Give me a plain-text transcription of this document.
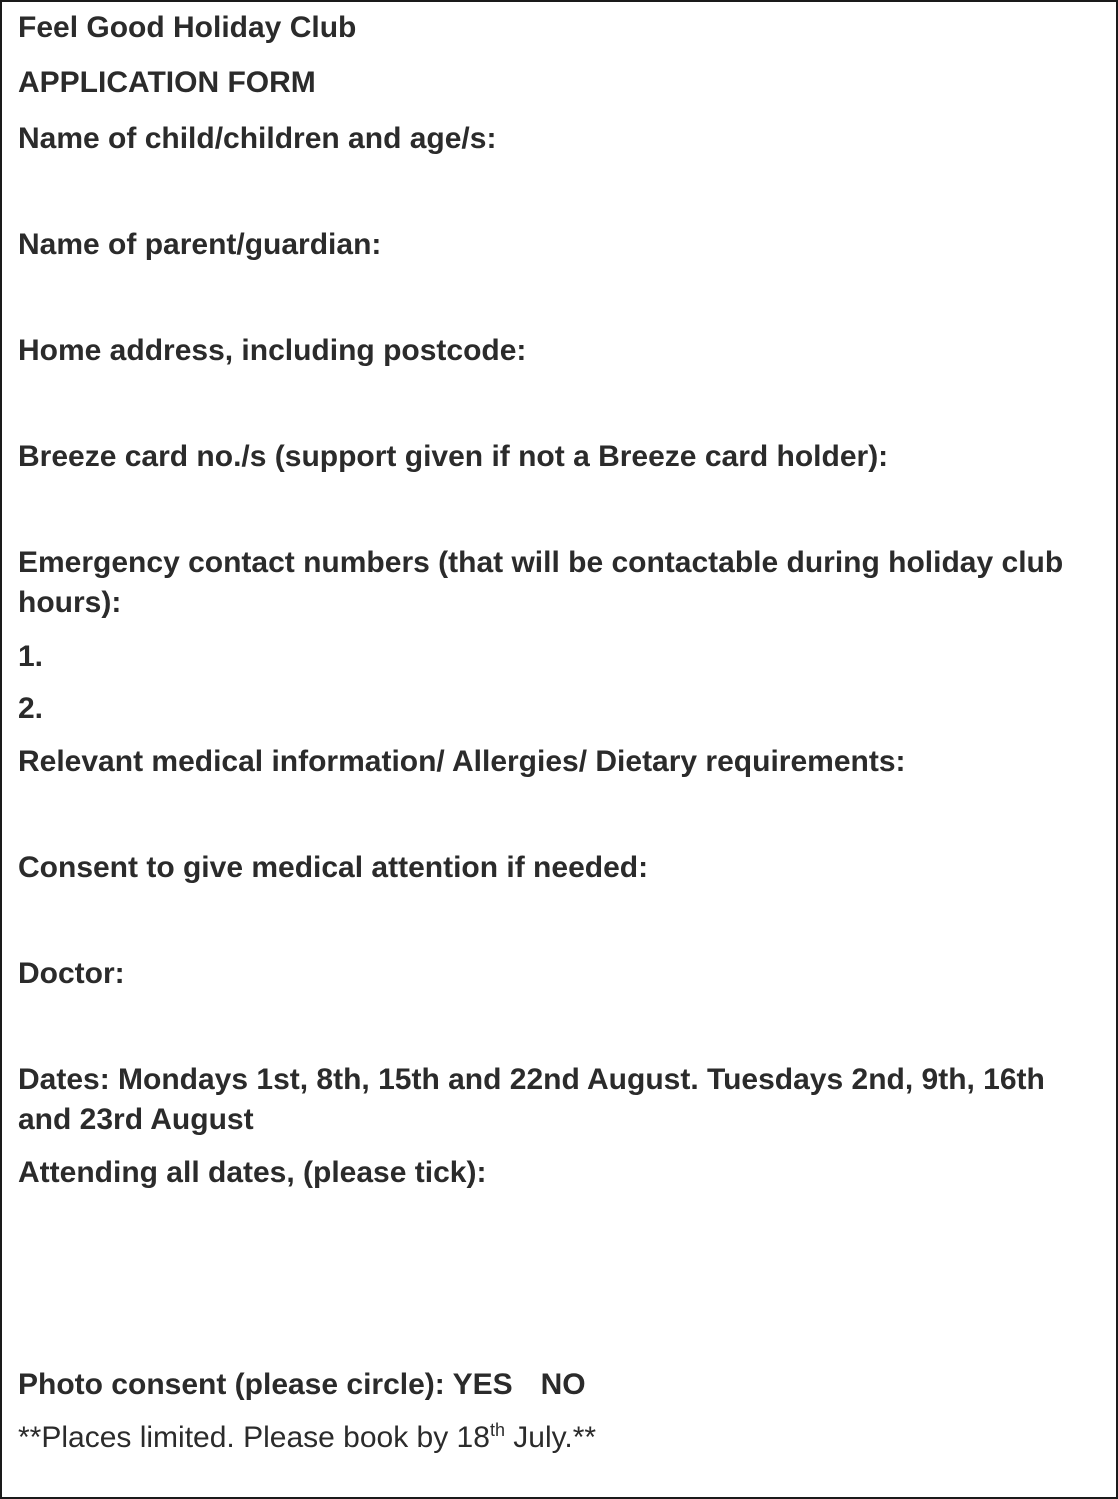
Feel Good Holiday Club
APPLICATION FORM
Name of child/children and age/s:
Name of parent/guardian:
Home address, including postcode:
Breeze card no./s (support given if not a Breeze card holder):
Emergency contact numbers (that will be contactable during holiday club hours):
1.
2.
Relevant medical information/ Allergies/ Dietary requirements:
Consent to give medical attention if needed:
Doctor:
Dates: Mondays 1st, 8th, 15th and 22nd August. Tuesdays 2nd, 9th, 16th and 23rd August
Attending all dates, (please tick):
Photo consent (please circle): YES NO
**Places limited. Please book by 18th July.**
